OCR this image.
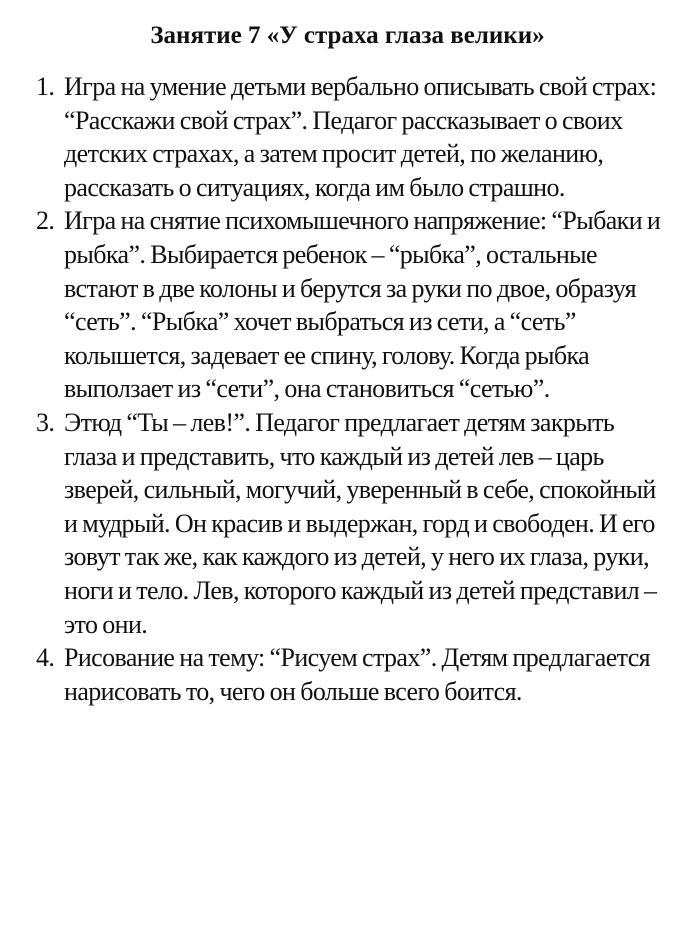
Занятие 7 «У страха глаза велики»
1. Игра на умение детьми вербально описывать свой страх: “Расскажи свой страх”. Педагог рассказывает о своих детских страхах, а затем просит детей, по желанию, рассказать о ситуациях, когда им было страшно.
2. Игра на снятие психомышечного напряжение: “Рыбаки и рыбка”. Выбирается ребенок – “рыбка”, остальные встают в две колоны и берутся за руки по двое, образуя “сеть”. “Рыбка” хочет выбраться из сети, а “сеть” колышется, задевает ее спину, голову. Когда рыбка выползает из “сети”, она становиться “сетью”.
3. Этюд “Ты – лев!”. Педагог предлагает детям закрыть глаза и представить, что каждый из детей лев – царь зверей, сильный, могучий, уверенный в себе, спокойный и мудрый. Он красив и выдержан, горд и свободен. И его зовут так же, как каждого из детей, у него их глаза, руки, ноги и тело. Лев, которого каждый из детей представил – это они.
4. Рисование на тему: “Рисуем страх”. Детям предлагается нарисовать то, чего он больше всего боится.
